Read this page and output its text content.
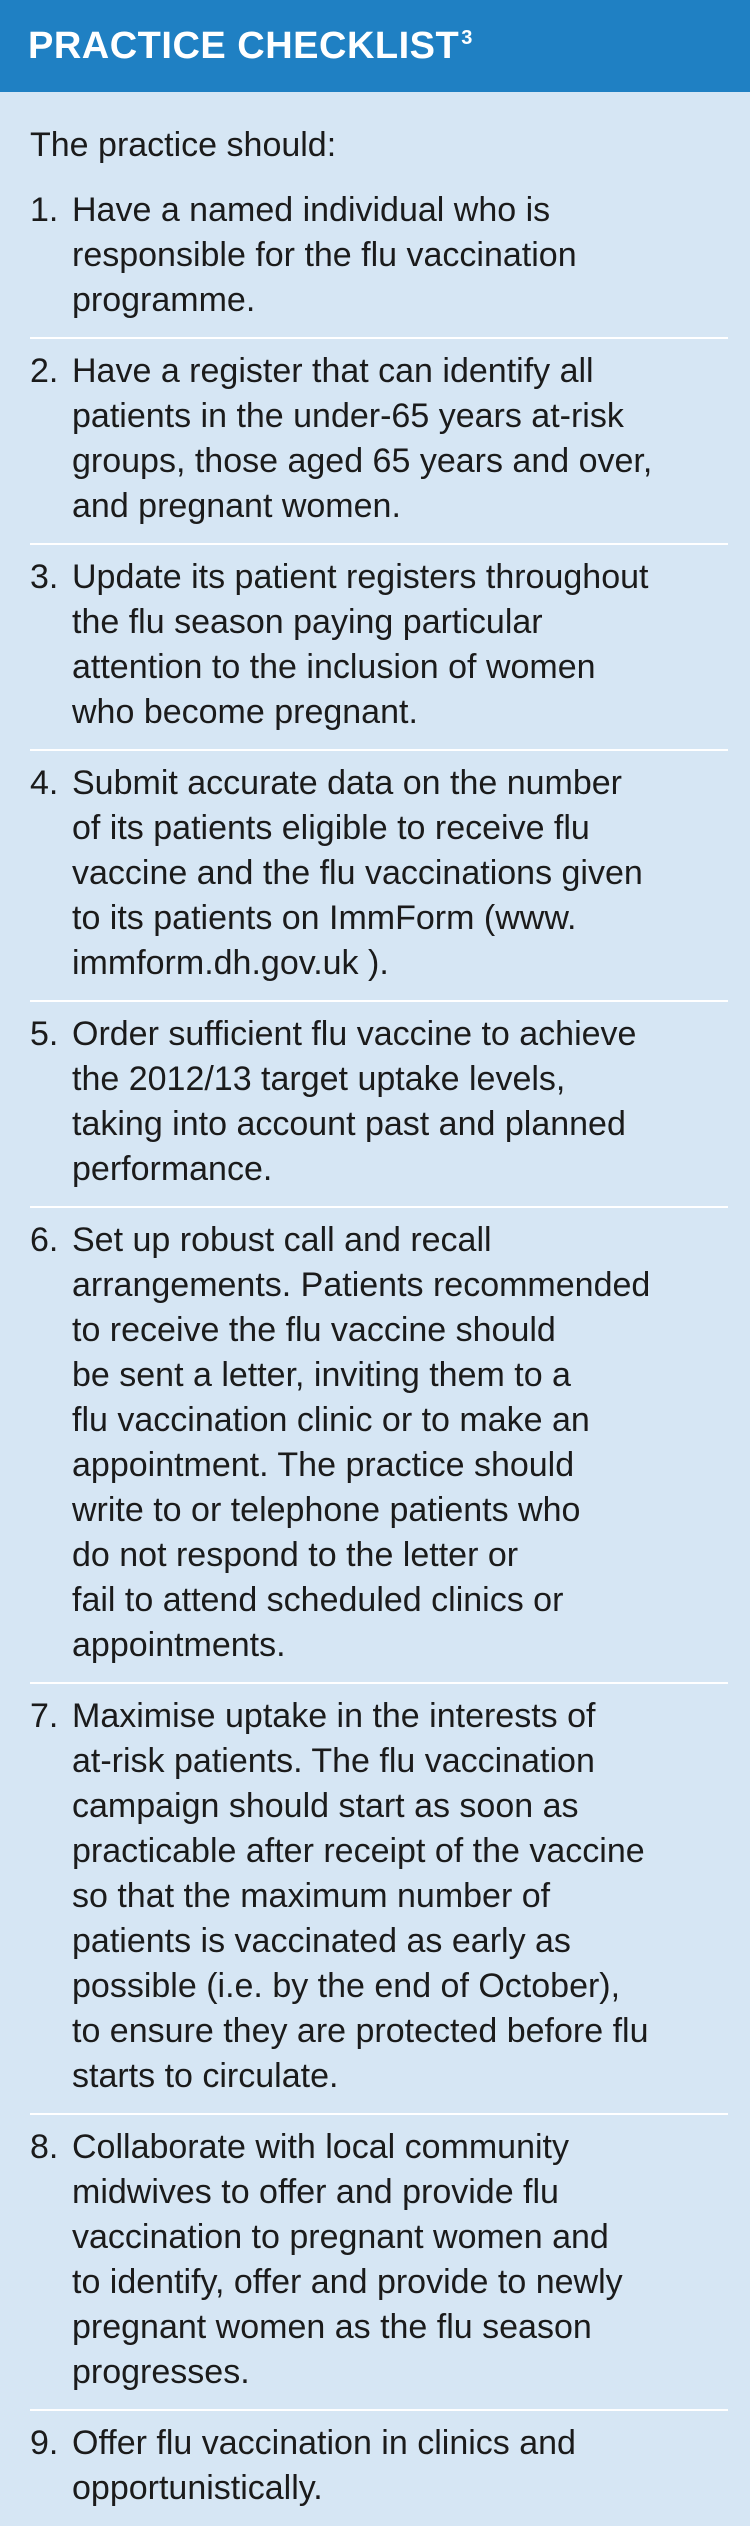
PRACTICE CHECKLIST $^3$

The practice should:

1. Have a named individual who is
responsible for the flu vaccination
programme.
2. Have a register that can identify all
patients in the under-65 years at-risk
groups, those aged 65 years and over,
and pregnant women.
3. Update its patient registers throughout
the flu season paying particular
attention to the inclusion of women
who become pregnant.
4. Submit accurate data on the number
of its patients eligible to receive flu
vaccine and the flu vaccinations given
to its patients on ImmForm (www.
immform.dh.gov.uk ).
5. Order sufficient flu vaccine to achieve
the 2012/13 target uptake levels,
taking into account past and planned
performance.
6. Set up robust call and recall
arrangements. Patients recommended
to receive the flu vaccine should
be sent a letter, inviting them to a
flu vaccination clinic or to make an
appointment. The practice should
write to or telephone patients who
do not respond to the letter or
fail to attend scheduled clinics or
appointments.
7. Maximise uptake in the interests of
at-risk patients. The flu vaccination
campaign should start as soon as
practicable after receipt of the vaccine
so that the maximum number of
patients is vaccinated as early as
possible (i.e. by the end of October),
to ensure they are protected before flu
starts to circulate.
8. Collaborate with local community
midwives to offer and provide flu
vaccination to pregnant women and
to identify, offer and provide to newly
pregnant women as the flu season
progresses.
9. Offer flu vaccination in clinics and
opportunistically.
